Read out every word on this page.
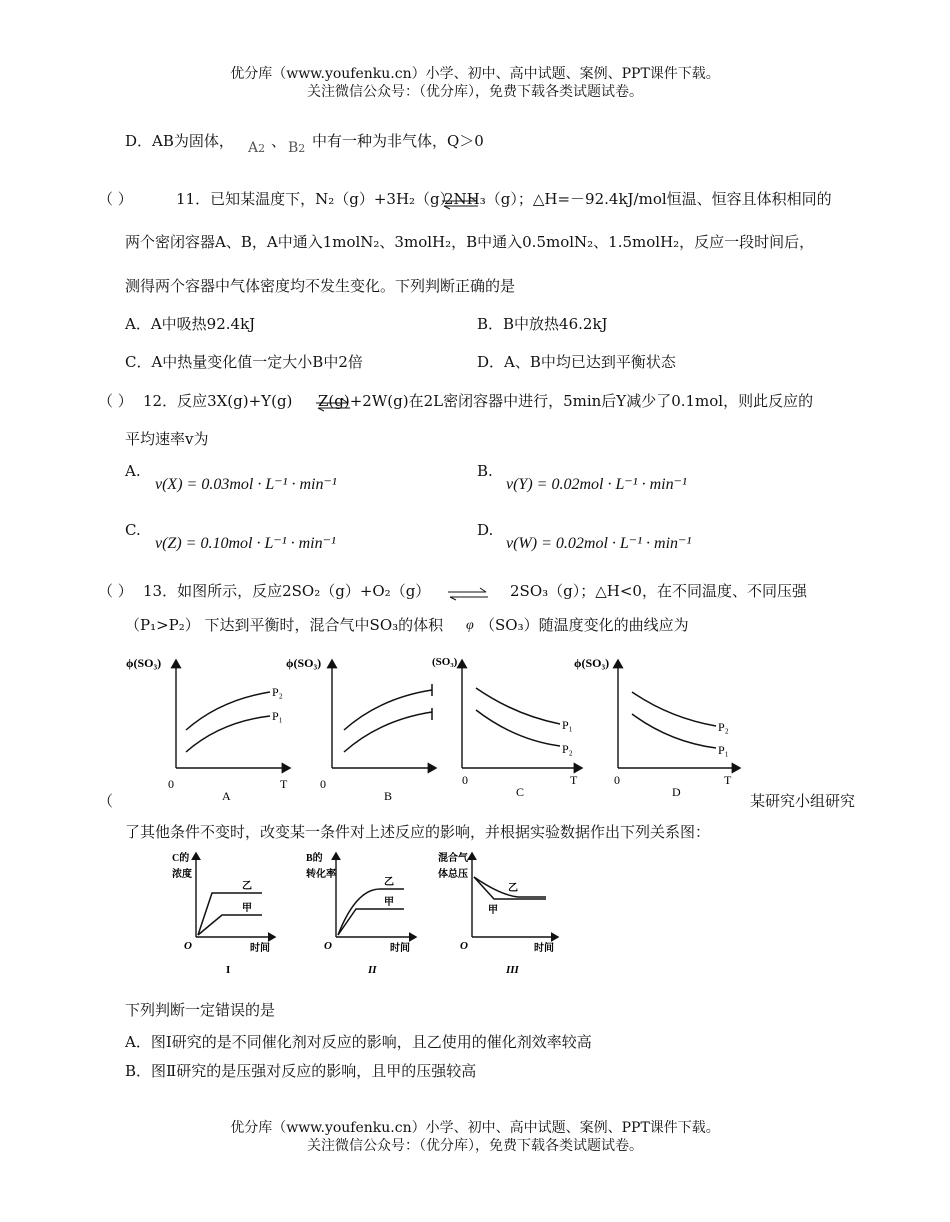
优分库（www.youfenku.cn）小学、初中、高中试题、案例、PPT课件下载。
关注微信公众号：（优分库），免费下载各类试题试卷。
D．AB为固体， A2 、 B2 中有一种为非气体，Q＞0
（ ）	11．已知某温度下，N₂（g）+3H₂（g）
2NH₃（g）；△H=－92.4kJ/mol恒温、恒容且体积相同的
两个密闭容器A、B，A中通入1molN₂、3molH₂，B中通入0.5molN₂、1.5molH₂，反应一段时间后，
测得两个容器中气体密度均不发生变化。下列判断正确的是
A．A中吸热92.4kJ	B．B中放热46.2kJ
C．A中热量变化值一定大小B中2倍	D．A、B中均已达到平衡状态
（ ） 12．反应3X(g)+Y(g) ⇌
Z(g)+2W(g)在2L密闭容器中进行，5min后Y减少了0.1mol，则此反应的
平均速率v为
A.
v(X) = 0.03mol · L⁻¹ · min⁻¹
B.
v(Y) = 0.02mol · L⁻¹ · min⁻¹
C.
v(Z) = 0.10mol · L⁻¹ · min⁻¹
D.
v(W) = 0.02mol · L⁻¹ · min⁻¹
（ ） 13．如图所示，反应2SO₂（g）+O₂（g） ⇌ 2SO₃（g）；△H<0，在不同温度、不同压强
（P₁>P₂） 下达到平衡时，混合气中SO₃的体积 φ （SO₃）随温度变化的曲线应为
ϕ(SO₃)
P₂
P₁
0	T
A
ϕ(SO₃)
0
B
(SO₃)
P₁
P₂
0	T
C
ϕ(SO₃)
P₂
P₁
0	T
D
（	某研究小组研究
了其他条件不变时，改变某一条件对上述反应的影响，并根据实验数据作出下列关系图：
C的
浓度
乙
甲
O	时间
I
B的
转化率
乙
甲
O	时间
II
混合气
体总压
乙
甲
O	时间
III
下列判断一定错误的是
A．图I研究的是不同催化剂对反应的影响，且乙使用的催化剂效率较高
B．图Ⅱ研究的是压强对反应的影响，且甲的压强较高
优分库（www.youfenku.cn）小学、初中、高中试题、案例、PPT课件下载。
关注微信公众号：（优分库），免费下载各类试题试卷。
